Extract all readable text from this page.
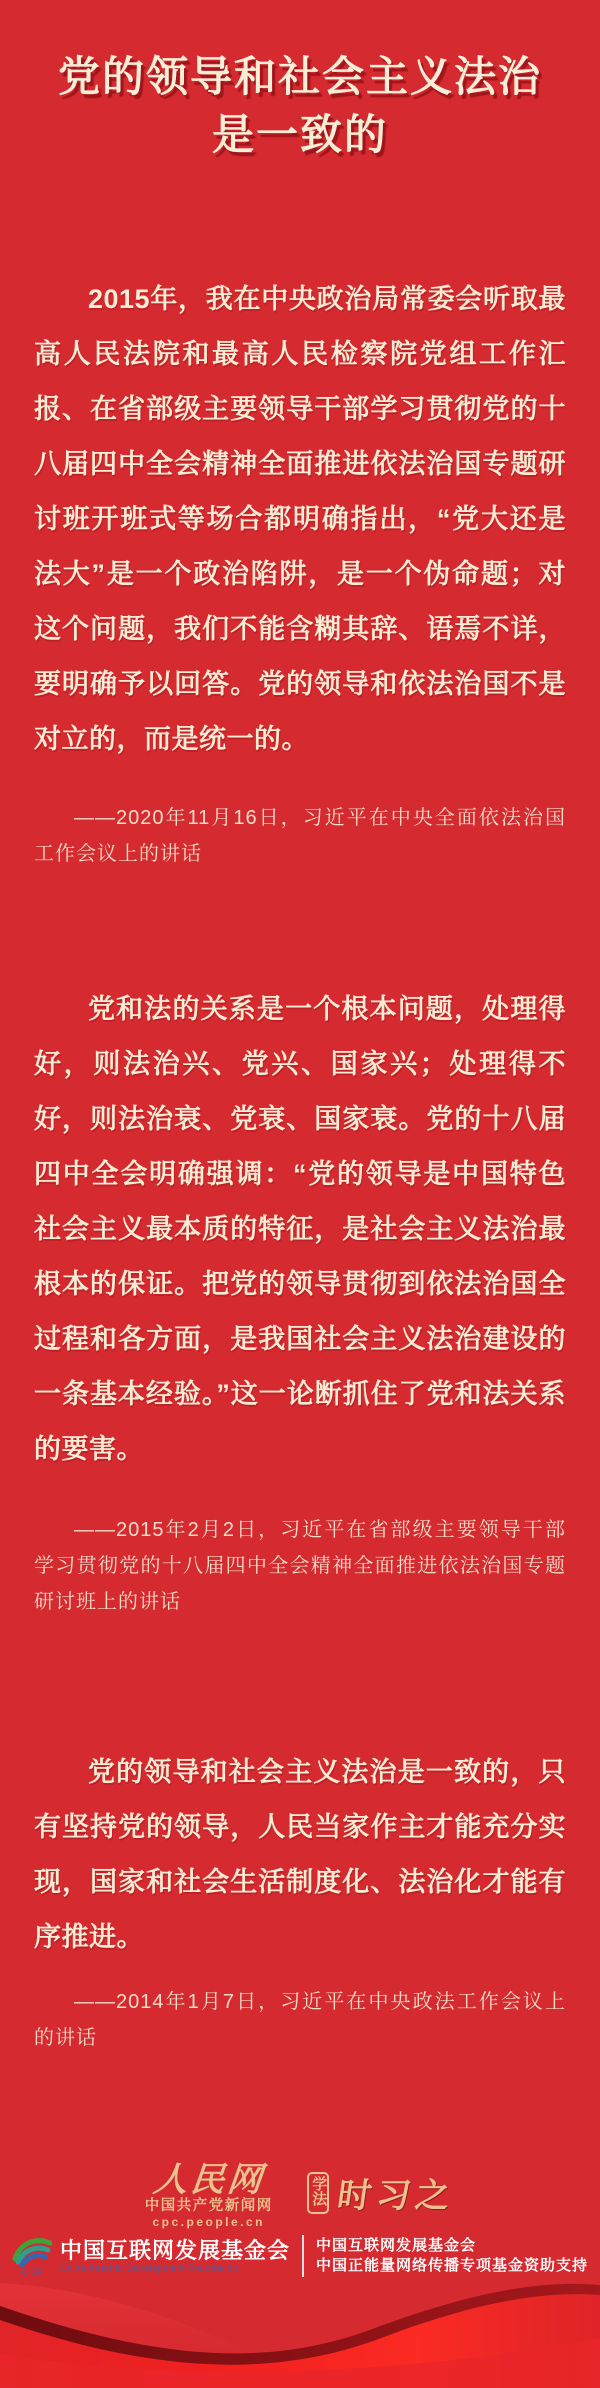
党的领导和社会主义法治
是一致的
2015年，我在中央政治局常委会听取最高人民法院和最高人民检察院党组工作汇报、在省部级主要领导干部学习贯彻党的十八届四中全会精神全面推进依法治国专题研讨班开班式等场合都明确指出，“党大还是法大”是一个政治陷阱，是一个伪命题；对这个问题，我们不能含糊其辞、语焉不详，要明确予以回答。党的领导和依法治国不是对立的，而是统一的。
——2020年11月16日，习近平在中央全面依法治国工作会议上的讲话
党和法的关系是一个根本问题，处理得好，则法治兴、党兴、国家兴；处理得不好，则法治衰、党衰、国家衰。党的十八届四中全会明确强调：“党的领导是中国特色社会主义最本质的特征，是社会主义法治最根本的保证。把党的领导贯彻到依法治国全过程和各方面，是我国社会主义法治建设的一条基本经验。”这一论断抓住了党和法关系的要害。
——2015年2月2日，习近平在省部级主要领导干部学习贯彻党的十八届四中全会精神全面推进依法治国专题研讨班上的讲话
党的领导和社会主义法治是一致的，只有坚持党的领导，人民当家作主才能充分实现，国家和社会生活制度化、法治化才能有序推进。
——2014年1月7日，习近平在中央政法工作会议上的讲话
人民网
中国共产党新闻网
cpc.people.cn
学法 时习之
CIDF
中国互联网发展基金会
China Internet Development Foundation
中国互联网发展基金会
中国正能量网络传播专项基金资助支持
